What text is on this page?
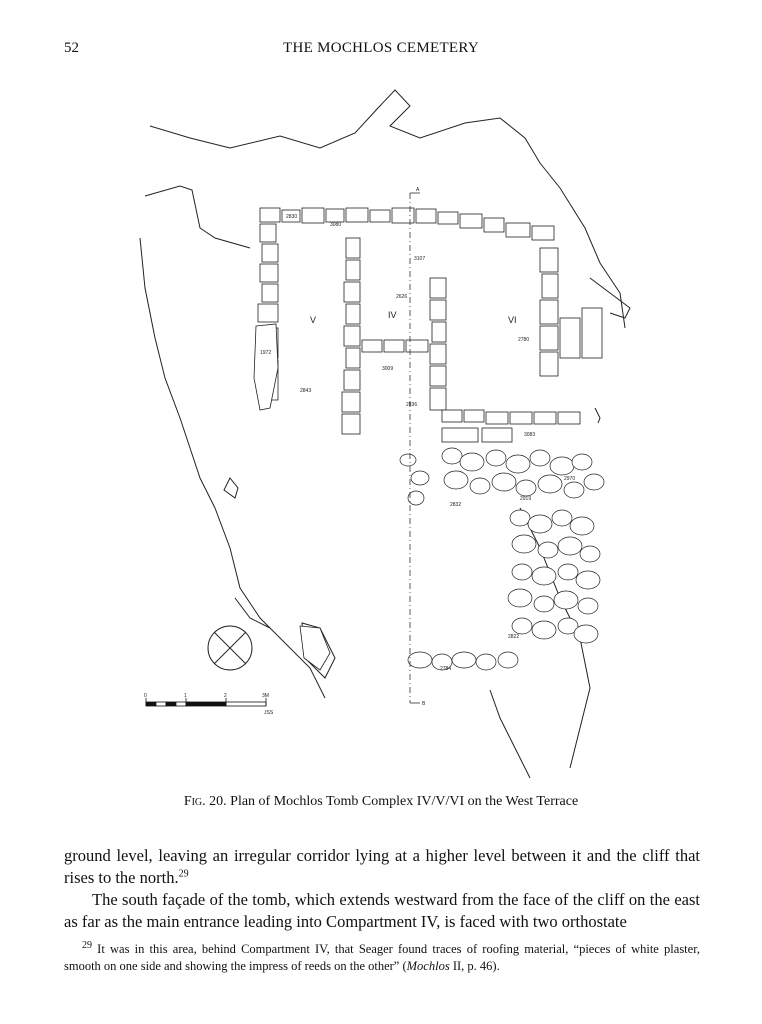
52	THE MOCHLOS CEMETERY
A
B
V	IV	VI
2830
3080
2626
3107
2780
1972
2843
3009
2836
3083
2970
2919
2832
2822
2784
0	1	2	3M
JSS
Fig. 20. Plan of Mochlos Tomb Complex IV/V/VI on the West Terrace

ground level, leaving an irregular corridor lying at a higher level between it and the cliff that rises to the north.$^{29}$

The south façade of the tomb, which extends westward from the face of the cliff on the east as far as the main entrance leading into Compartment IV, is faced with two orthostate

$^{29}$ It was in this area, behind Compartment IV, that Seager found traces of roofing material, “pieces of white plaster, smooth on one side and showing the impress of reeds on the other” (Mochlos II, p. 46).
